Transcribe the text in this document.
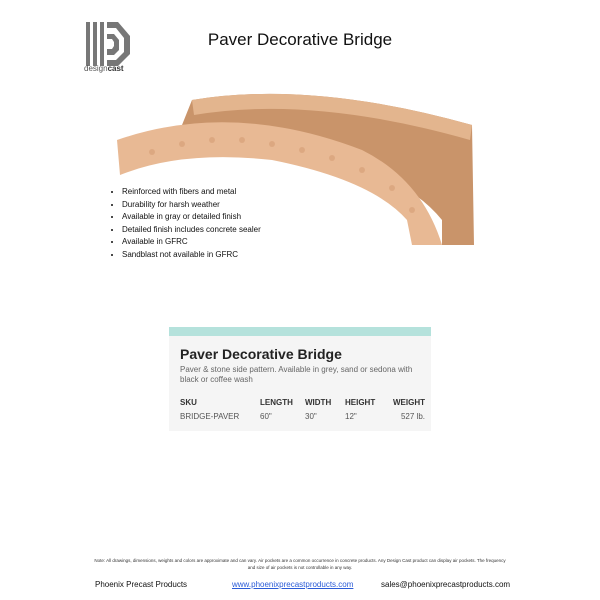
designcast
Paver Decorative Bridge
• Reinforced with fibers and metal
• Durability for harsh weather
• Available in gray or detailed finish
• Detailed finish includes concrete sealer
• Available in GFRC
• Sandblast not available in GFRC
Paver Decorative Bridge
Paver & stone side pattern. Available in grey, sand or sedona with black or coffee wash
SKU	LENGTH WIDTH HEIGHT WEIGHT
BRIDGE-PAVER	60"	30"	12"	527 lb.
Note: All drawings, dimensions, weights and colors are approximate and can vary. Air pockets are a common occurrence in concrete products. Any Design Cast product can display air pockets. The frequency and size of air pockets is not controllable in any way.
Phoenix Precast Products	www.phoenixprecastproducts.com	sales@phoenixprecastproducts.com
